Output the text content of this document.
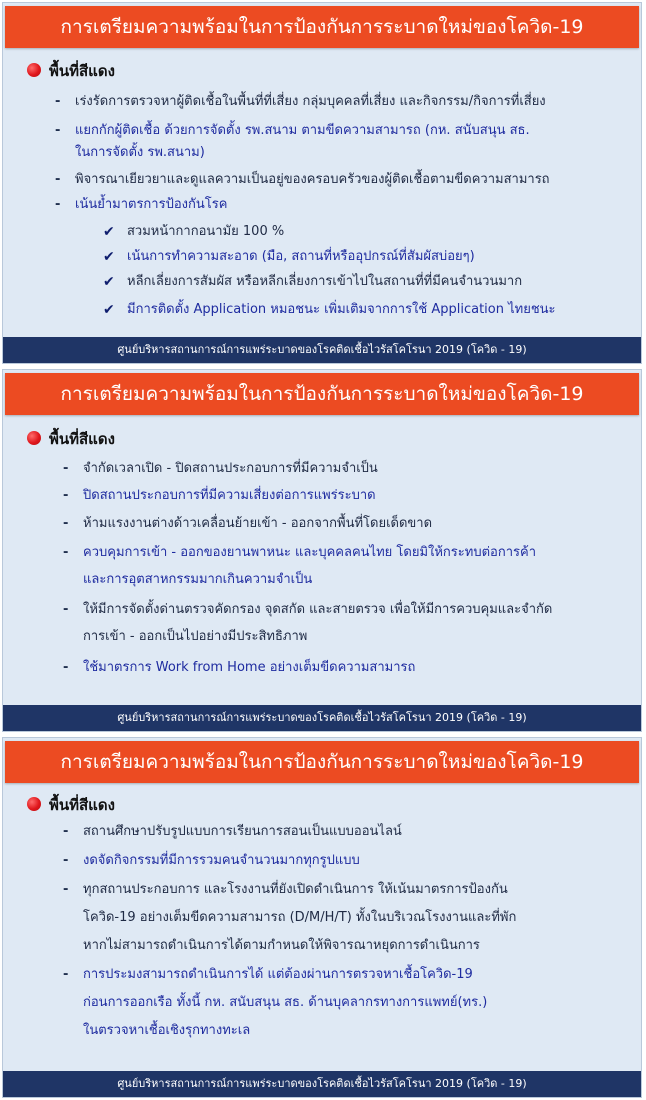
การเตรียมความพร้อมในการป้องกันการระบาดใหม่ของโควิด-19
พื้นที่สีแดง
- เร่งรัดการตรวจหาผู้ติดเชื้อในพื้นที่ที่เสี่ยง กลุ่มบุคคลที่เสี่ยง และกิจกรรม/กิจการที่เสี่ยง
- แยกกักผู้ติดเชื้อ ด้วยการจัดตั้ง รพ.สนาม ตามขีดความสามารถ (กห. สนับสนุน สธ.
ในการจัดตั้ง รพ.สนาม)
- พิจารณาเยียวยาและดูแลความเป็นอยู่ของครอบครัวของผู้ติดเชื้อตามขีดความสามารถ
- เน้นย้ำมาตรการป้องกันโรค
✔ สวมหน้ากากอนามัย 100 %
✔ เน้นการทำความสะอาด (มือ, สถานที่หรืออุปกรณ์ที่สัมผัสบ่อยๆ)
✔ หลีกเลี่ยงการสัมผัส หรือหลีกเลี่ยงการเข้าไปในสถานที่ที่มีคนจำนวนมาก
✔ มีการติดตั้ง Application หมอชนะ เพิ่มเติมจากการใช้ Application ไทยชนะ
ศูนย์บริหารสถานการณ์การแพร่ระบาดของโรคติดเชื้อไวรัสโคโรนา 2019 (โควิด - 19)
การเตรียมความพร้อมในการป้องกันการระบาดใหม่ของโควิด-19
พื้นที่สีแดง
- จำกัดเวลาเปิด - ปิดสถานประกอบการที่มีความจำเป็น
- ปิดสถานประกอบการที่มีความเสี่ยงต่อการแพร่ระบาด
- ห้ามแรงงานต่างด้าวเคลื่อนย้ายเข้า - ออกจากพื้นที่โดยเด็ดขาด
- ควบคุมการเข้า - ออกของยานพาหนะ และบุคคลคนไทย โดยมิให้กระทบต่อการค้า
และการอุตสาหกรรมมากเกินความจำเป็น
- ให้มีการจัดตั้งด่านตรวจคัดกรอง จุดสกัด และสายตรวจ เพื่อให้มีการควบคุมและจำกัด
การเข้า - ออกเป็นไปอย่างมีประสิทธิภาพ
- ใช้มาตรการ Work from Home อย่างเต็มขีดความสามารถ
ศูนย์บริหารสถานการณ์การแพร่ระบาดของโรคติดเชื้อไวรัสโคโรนา 2019 (โควิด - 19)
การเตรียมความพร้อมในการป้องกันการระบาดใหม่ของโควิด-19
พื้นที่สีแดง
- สถานศึกษาปรับรูปแบบการเรียนการสอนเป็นแบบออนไลน์
- งดจัดกิจกรรมที่มีการรวมคนจำนวนมากทุกรูปแบบ
- ทุกสถานประกอบการ และโรงงานที่ยังเปิดดำเนินการ ให้เน้นมาตรการป้องกัน
โควิด-19 อย่างเต็มขีดความสามารถ (D/M/H/T) ทั้งในบริเวณโรงงานและที่พัก
หากไม่สามารถดำเนินการได้ตามกำหนดให้พิจารณาหยุดการดำเนินการ
- การประมงสามารถดำเนินการได้ แต่ต้องผ่านการตรวจหาเชื้อโควิด-19
ก่อนการออกเรือ ทั้งนี้ กห. สนับสนุน สธ. ด้านบุคลากรทางการแพทย์(ทร.)
ในตรวจหาเชื้อเชิงรุกทางทะเล
ศูนย์บริหารสถานการณ์การแพร่ระบาดของโรคติดเชื้อไวรัสโคโรนา 2019 (โควิด - 19)
